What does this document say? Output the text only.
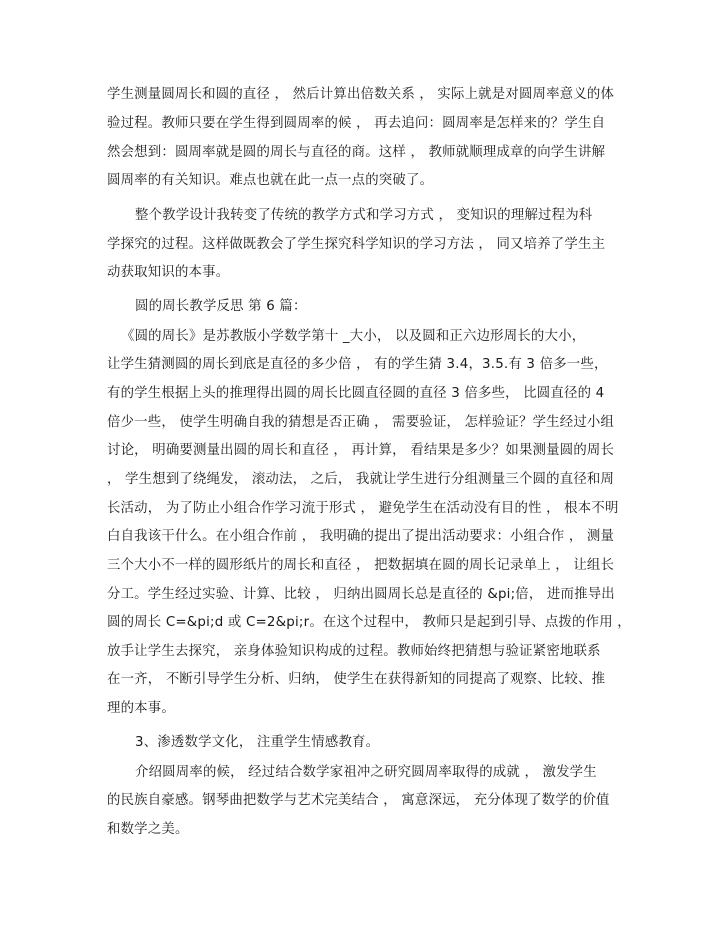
学生测量圆周长和圆的直径 ， 然后计算出倍数关系 ， 实际上就是对圆周率意义的体
验过程。教师只要在学生得到圆周率的候 ， 再去追问：圆周率是怎样来的？学生自
然会想到：圆周率就是圆的周长与直径的商。这样 ， 教师就顺理成章的向学生讲解
圆周率的有关知识。难点也就在此一点一点的突破了。
整个教学设计我转变了传统的教学方式和学习方式 ， 变知识的理解过程为科
学探究的过程。这样做既教会了学生探究科学知识的学习方法 ， 同又培养了学生主
动获取知识的本事。
圆的周长教学反思 第 6 篇：
《圆的周长》是苏教版小学数学第十 _大小， 以及圆和正六边形周长的大小，
让学生猜测圆的周长到底是直径的多少倍 ， 有的学生猜 3.4，3.5.有 3 倍多一些，
有的学生根据上头的推理得出圆的周长比圆直径圆的直径 3 倍多些， 比圆直径的 4
倍少一些， 使学生明确自我的猜想是否正确 ， 需要验证， 怎样验证？学生经过小组
讨论， 明确要测量出圆的周长和直径 ， 再计算， 看结果是多少？如果测量圆的周长
， 学生想到了绕绳发， 滚动法， 之后， 我就让学生进行分组测量三个圆的直径和周
长活动， 为了防止小组合作学习流于形式 ， 避免学生在活动没有目的性 ， 根本不明
白自我该干什么。在小组合作前 ， 我明确的提出了提出活动要求：小组合作 ， 测量
三个大小不一样的圆形纸片的周长和直径 ， 把数据填在圆的周长记录单上 ， 让组长
分工。学生经过实验、计算、比较 ， 归纳出圆周长总是直径的 &pi;倍， 进而推导出
圆的周长 C=&pi;d 或 C=2&pi;r。在这个过程中， 教师只是起到引导、点拨的作用 ，
放手让学生去探究， 亲身体验知识构成的过程。教师始终把猜想与验证紧密地联系
在一齐， 不断引导学生分析、归纳， 使学生在获得新知的同提高了观察、比较、推
理的本事。
3、渗透数学文化， 注重学生情感教育。
介绍圆周率的候， 经过结合数学家祖冲之研究圆周率取得的成就 ， 激发学生
的民族自豪感。钢琴曲把数学与艺术完美结合 ， 寓意深远， 充分体现了数学的价值
和数学之美。
